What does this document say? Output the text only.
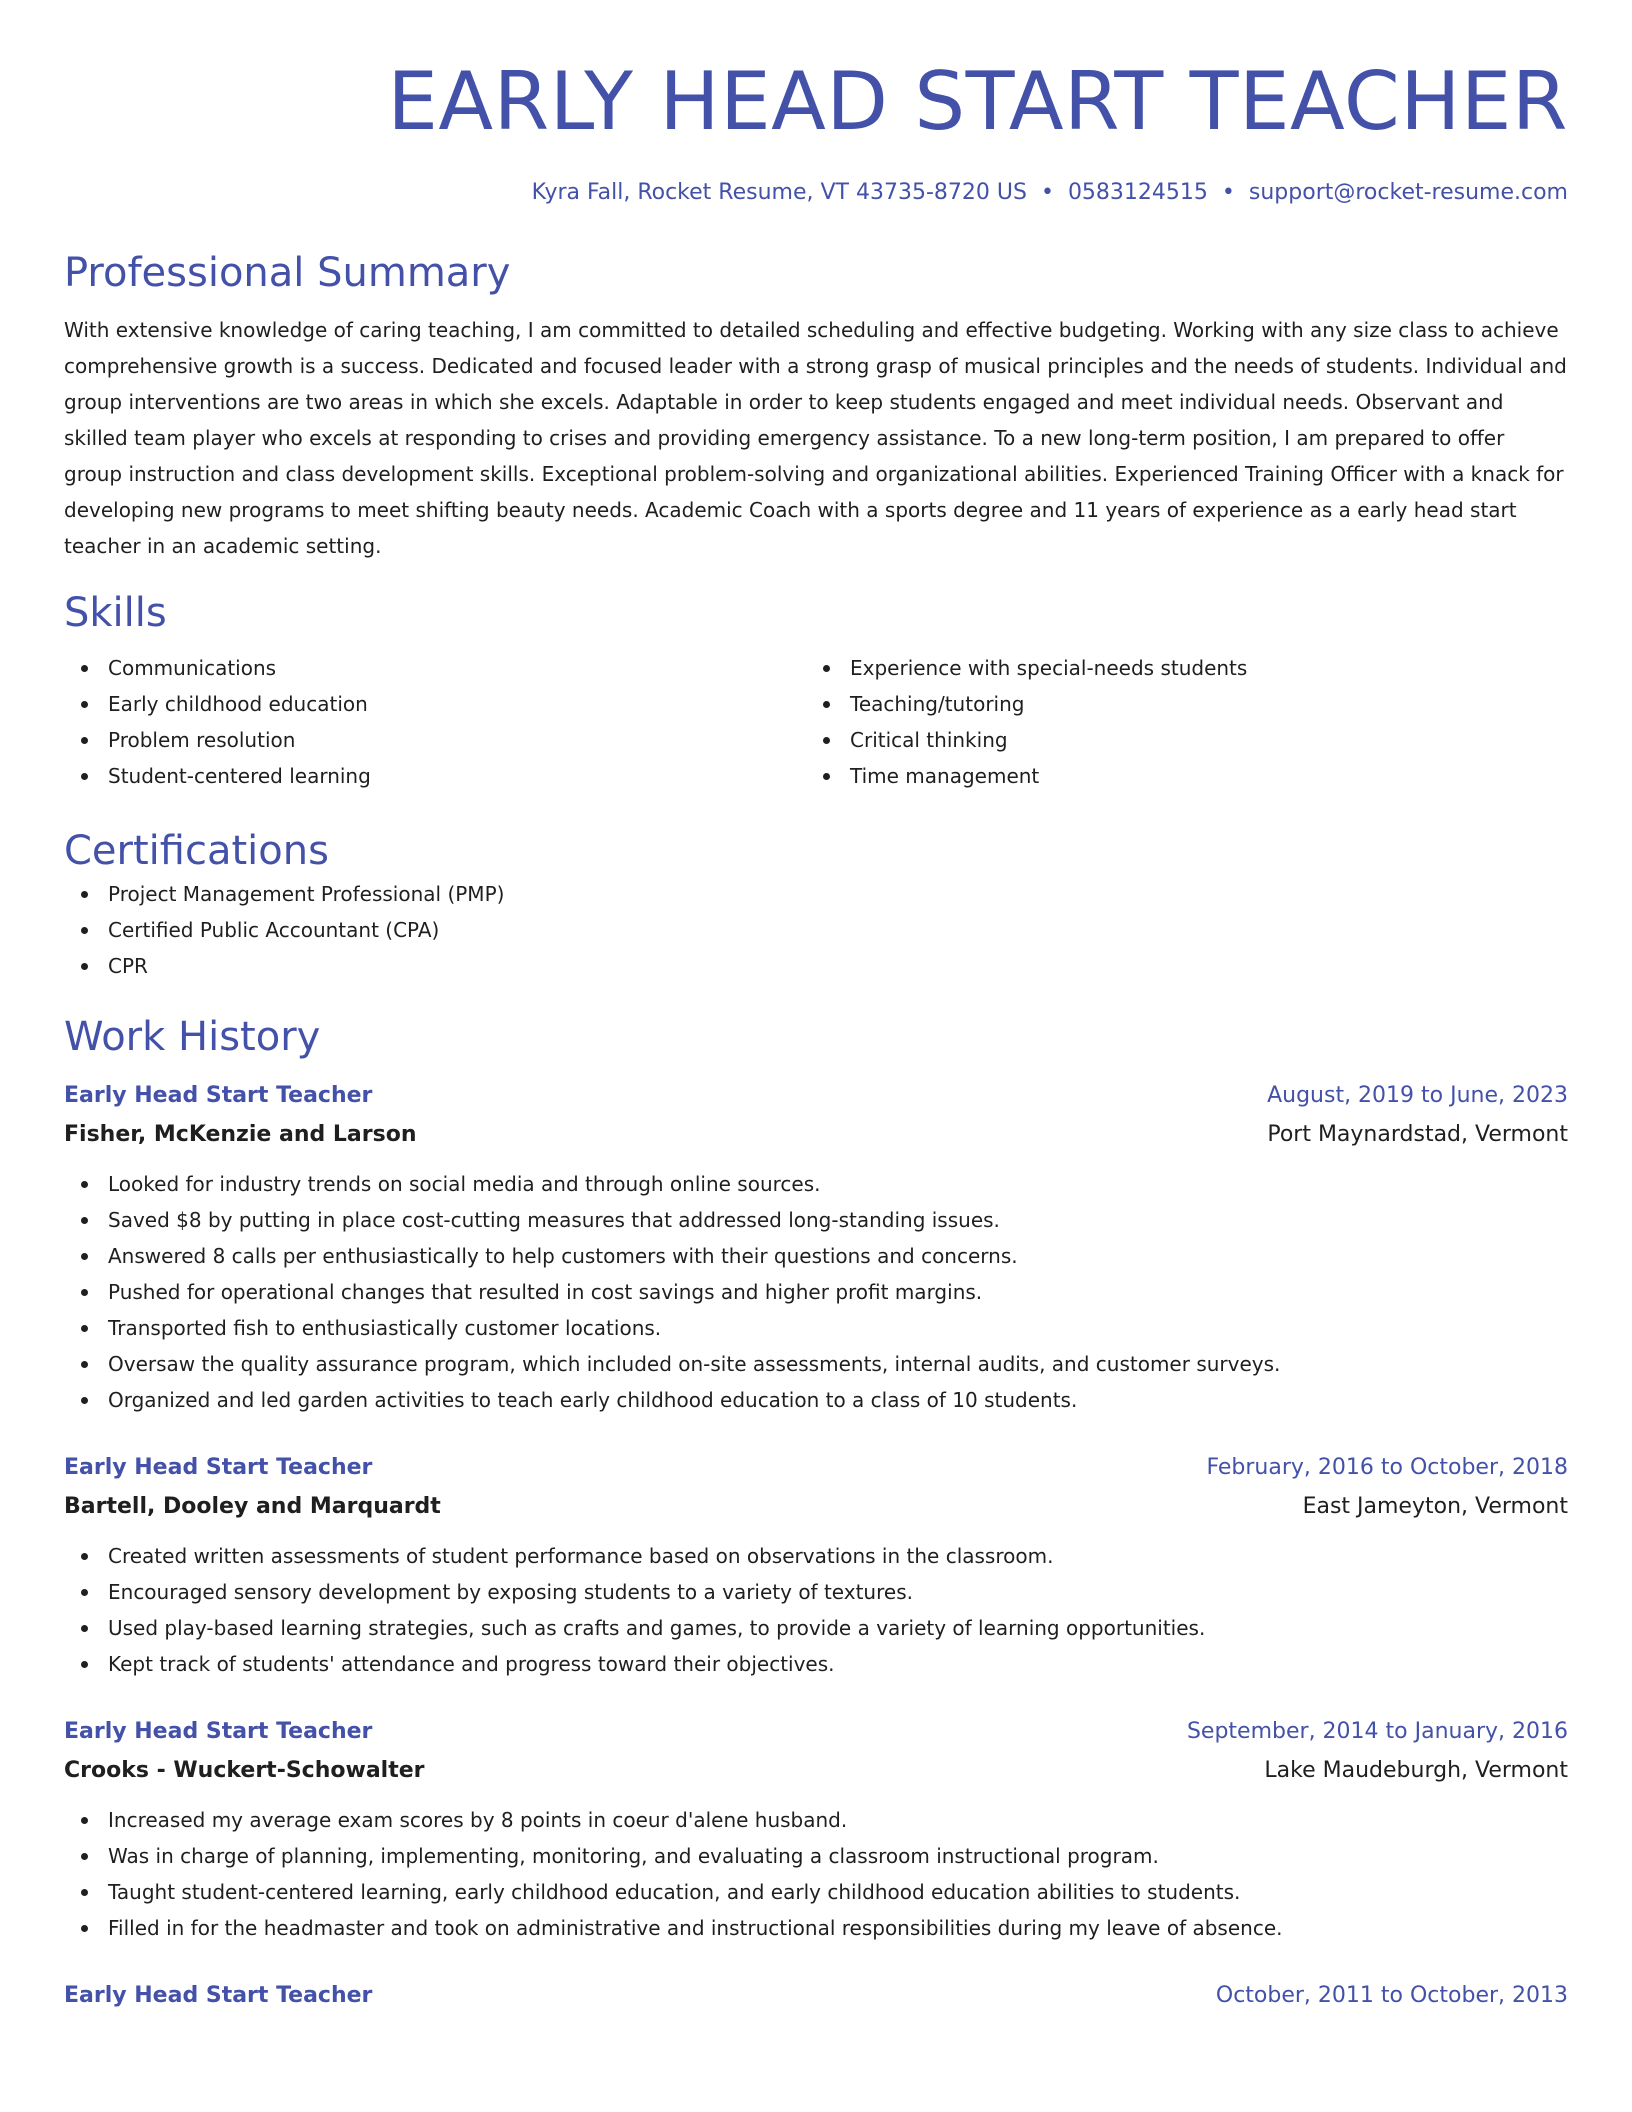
EARLY HEAD START TEACHER
Kyra Fall, Rocket Resume, VT 43735-8720 US • 0583124515 • support@rocket-resume.com
Professional Summary

With extensive knowledge of caring teaching, I am committed to detailed scheduling and effective budgeting. Working with any size class to achieve comprehensive growth is a success. Dedicated and focused leader with a strong grasp of musical principles and the needs of students. Individual and group interventions are two areas in which she excels. Adaptable in order to keep students engaged and meet individual needs. Observant and skilled team player who excels at responding to crises and providing emergency assistance. To a new long-term position, I am prepared to offer group instruction and class development skills. Exceptional problem-solving and organizational abilities. Experienced Training Officer with a knack for developing new programs to meet shifting beauty needs. Academic Coach with a sports degree and 11 years of experience as a early head start teacher in an academic setting.

Skills
Communications
Early childhood education
Problem resolution
Student-centered learning
Experience with special-needs students
Teaching/tutoring
Critical thinking
Time management
Certifications
Project Management Professional (PMP)
Certified Public Accountant (CPA)
CPR
Work History
Early Head Start Teacher	August, 2019 to June, 2023
Fisher, McKenzie and Larson	Port Maynardstad, Vermont
Looked for industry trends on social media and through online sources.
Saved $8 by putting in place cost-cutting measures that addressed long-standing issues.
Answered 8 calls per enthusiastically to help customers with their questions and concerns.
Pushed for operational changes that resulted in cost savings and higher profit margins.
Transported fish to enthusiastically customer locations.
Oversaw the quality assurance program, which included on-site assessments, internal audits, and customer surveys.
Organized and led garden activities to teach early childhood education to a class of 10 students.
Early Head Start Teacher	February, 2016 to October, 2018
Bartell, Dooley and Marquardt	East Jameyton, Vermont
Created written assessments of student performance based on observations in the classroom.
Encouraged sensory development by exposing students to a variety of textures.
Used play-based learning strategies, such as crafts and games, to provide a variety of learning opportunities.
Kept track of students' attendance and progress toward their objectives.
Early Head Start Teacher	September, 2014 to January, 2016
Crooks - Wuckert-Schowalter	Lake Maudeburgh, Vermont
Increased my average exam scores by 8 points in coeur d'alene husband.
Was in charge of planning, implementing, monitoring, and evaluating a classroom instructional program.
Taught student-centered learning, early childhood education, and early childhood education abilities to students.
Filled in for the headmaster and took on administrative and instructional responsibilities during my leave of absence.
Early Head Start Teacher	October, 2011 to October, 2013
